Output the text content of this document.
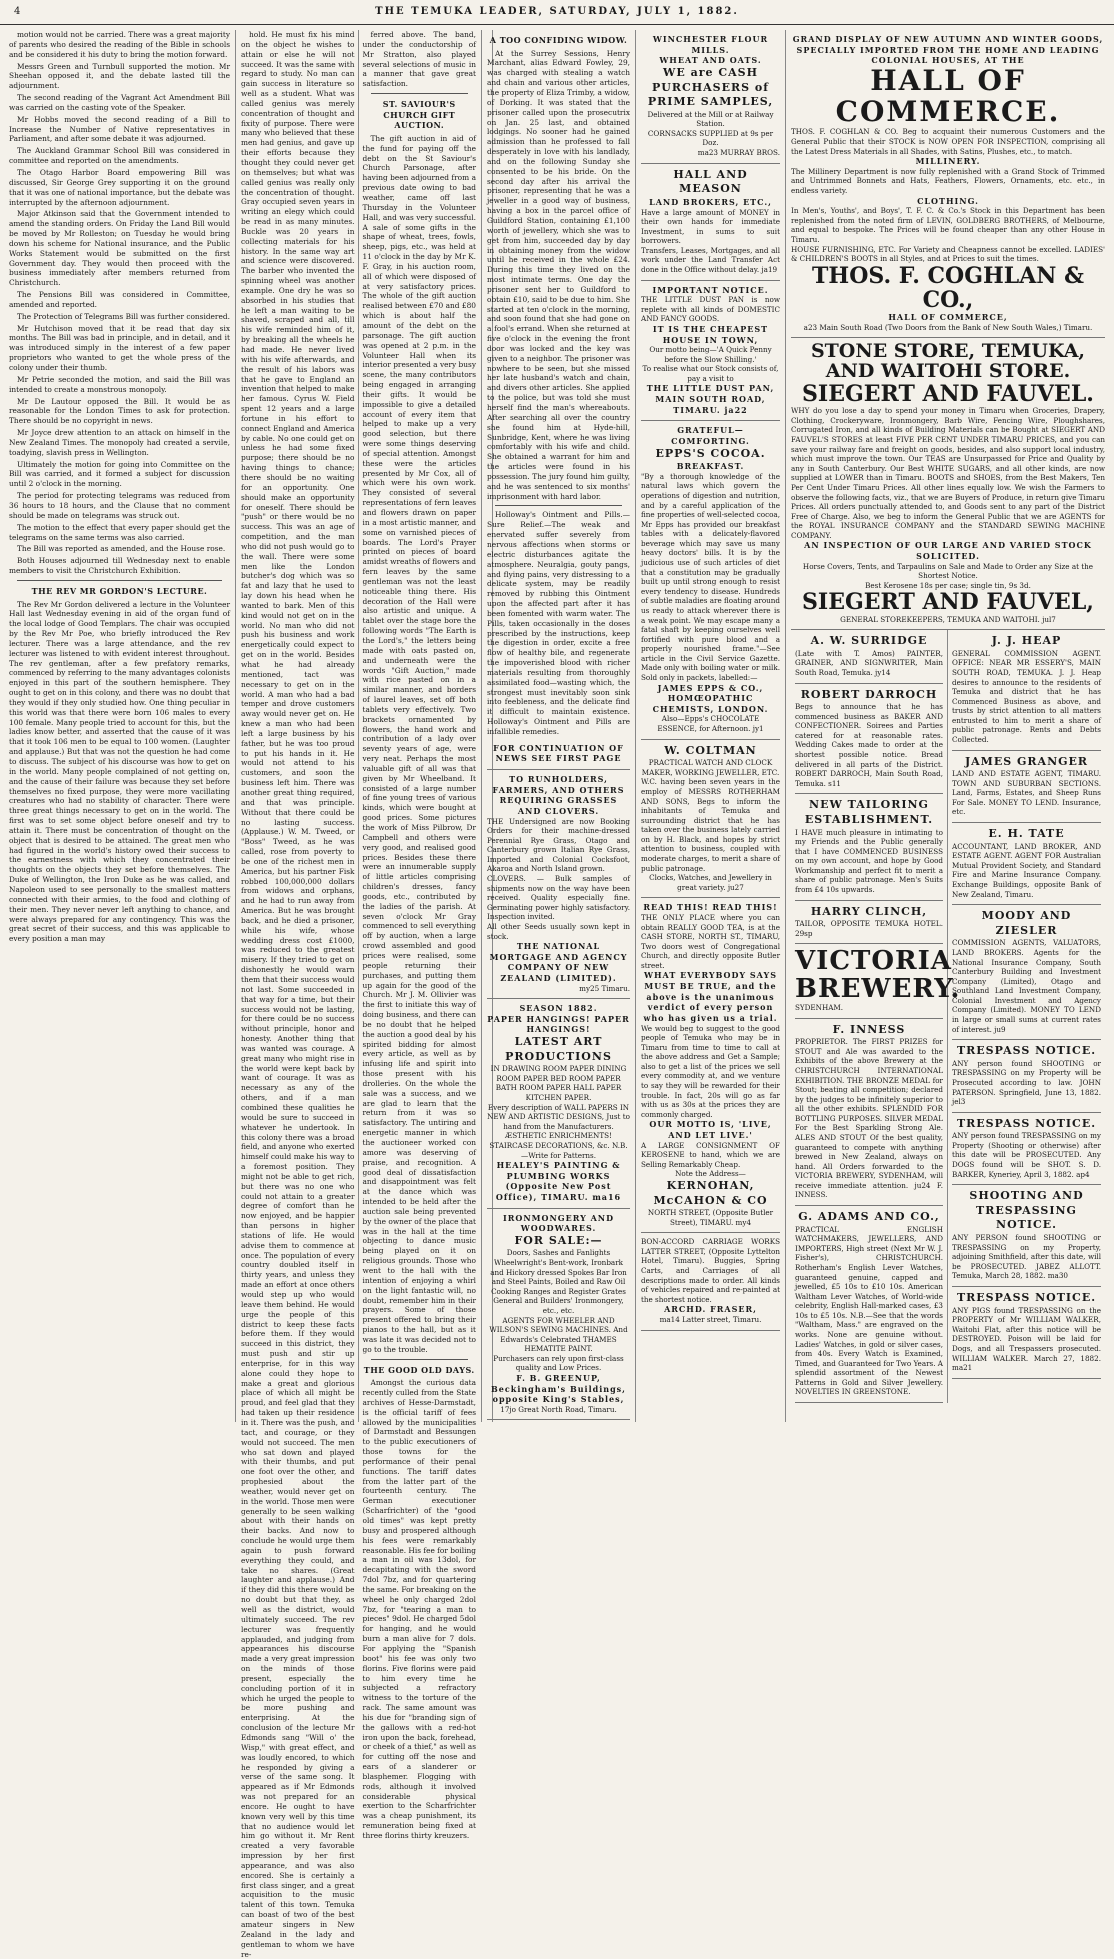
4	THE TEMUKA LEADER, SATURDAY, JULY 1, 1882.

motion would not be carried. There was a great majority of parents who desired the reading of the Bible in schools and be considered it his duty to bring the motion forward.

Messrs Green and Turnbull supported the motion. Mr Sheehan opposed it, and the debate lasted till the adjournment.

The second reading of the Vagrant Act Amendment Bill was carried on the casting vote of the Speaker.

Mr Hobbs moved the second reading of a Bill to Increase the Number of Native representatives in Parliament, and after some debate it was adjourned.

The Auckland Grammar School Bill was considered in committee and reported on the amendments.

The Otago Harbor Board empowering Bill was discussed, Sir George Grey supporting it on the ground that it was one of national importance, but the debate was interrupted by the afternoon adjournment.

Major Atkinson said that the Government intended to amend the standing orders. On Friday the Land Bill would be moved by Mr Rolleston; on Tuesday he would bring down his scheme for National insurance, and the Public Works Statement would be submitted on the first Government day. They would then proceed with the business immediately after members returned from Christchurch.

The Pensions Bill was considered in Committee, amended and reported.

The Protection of Telegrams Bill was further considered.

Mr Hutchison moved that it be read that day six months. The Bill was bad in principle, and in detail, and it was introduced simply in the interest of a few paper proprietors who wanted to get the whole press of the colony under their thumb.

Mr Petrie seconded the motion, and said the Bill was intended to create a monstrous monopoly.

Mr De Lautour opposed the Bill. It would be as reasonable for the London Times to ask for protection. There should be no copyright in news.

Mr Joyce drew attention to an attack on himself in the New Zealand Times. The monopoly had created a servile, toadying, slavish press in Wellington.

Ultimately the motion for going into Committee on the Bill was carried, and it formed a subject for discussion until 2 o'clock in the morning.

The period for protecting telegrams was reduced from 36 hours to 18 hours, and the Clause that no comment should be made on telegrams was struck out.

The motion to the effect that every paper should get the telegrams on the same terms was also carried.

The Bill was reported as amended, and the House rose.

Both Houses adjourned till Wednesday next to enable members to visit the Christchurch Exhibition.

THE REV MR GORDON'S LECTURE.

The Rev Mr Gordon delivered a lecture in the Volunteer Hall last Wednesday evening in aid of the organ fund of the local lodge of Good Templars. The chair was occupied by the Rev Mr Poe, who briefly introduced the Rev lecturer. There was a large attendance, and the rev lecturer was listened to with evident interest throughout. The rev gentleman, after a few prefatory remarks, commenced by referring to the many advantages colonists enjoyed in this part of the southern hemisphere. They ought to get on in this colony, and there was no doubt that they would if they only studied how. One thing peculiar in this world was that there were born 106 males to every 100 female. Many people tried to account for this, but the ladies know better, and asserted that the cause of it was that it took 106 men to be equal to 100 women. (Laughter and applause.) But that was not the question he had come to discuss. The subject of his discourse was how to get on in the world. Many people complained of not getting on, and the cause of their failure was because they set before themselves no fixed purpose, they were more vacillating creatures who had no stability of character. There were three great things necessary to get on in the world. The first was to set some object before oneself and try to attain it. There must be concentration of thought on the object that is desired to be attained. The great men who had figured in the world's history owed their success to the earnestness with which they concentrated their thoughts on the objects they set before themselves. The Duke of Wellington, the Iron Duke as he was called, and Napoleon used to see personally to the smallest matters connected with their armies, to the food and clothing of their men. They never never left anything to chance, and were always prepared for any contingency. This was the great secret of their success, and this was applicable to every position a man may

hold. He must fix his mind on the object he wishes to attain or else he will not succeed. It was the same with regard to study. No man can gain success in literature so well as a student. What was called genius was merely concentration of thought and fixity of purpose. There were many who believed that these men had genius, and gave up their efforts because they thought they could never get on themselves; but what was called genius was really only the concentration of thought. Gray occupied seven years in writing an elegy which could be read in as many minutes. Buckle was 20 years in collecting materials for his history. In the same way art and science were discovered. The barber who invented the spinning wheel was another example. One dry he was so absorbed in his studies that he left a man waiting to be shaved, scraped and all, till his wife reminded him of it, by breaking all the wheels he had made. He never lived with his wife afterwards, and the result of his labors was that he gave to England an invention that helped to make her famous. Cyrus W. Field spent 12 years and a large fortune in his effort to connect England and America by cable. No one could get on unless he had some fixed purpose; there should be no having things to chance; there should be no waiting for an opportunity. One should make an opportunity for oneself. There should be "push" or there would be no success. This was an age of competition, and the man who did not push would go to the wall. There were some men like the London butcher's dog which was so fat and lazy that he used to lay down his head when he wanted to bark. Men of this kind would not get on in the world. No man who did not push his business and work energetically could expect to get on in the world. Besides what he had already mentioned, tact was necessary to get on in the world. A man who had a bad temper and drove customers away would never get on. He knew a man who had been left a large business by his father, but he was too proud to put his hands in it. He would not attend to his customers, and soon the business left him. There was another great thing required, and that was principle. Without that there could be no lasting success. (Applause.) W. M. Tweed, or "Boss" Tweed, as he was called, rose from poverty to be one of the richest men in America, but his partner Fisk robbed 100,000,000 dollars from widows and orphans, and he had to run away from America. But he was brought back, and he died a prisoner, while his wife, whose wedding dress cost £1000, was reduced to the greatest misery. If they tried to get on dishonestly he would warn them that their success would not last. Some succeeded in that way for a time, but their success would not be lasting, for there could be no success without principle, honor and honesty. Another thing that was wanted was courage. A great many who might rise in the world were kept back by want of courage. It was as necessary as any of the others, and if a man combined these qualities he would be sure to succeed in whatever he undertook. In this colony there was a broad field, and anyone who exerted himself could make his way to a foremost position. They might not be able to get rich, but there was no one who could not attain to a greater degree of comfort than he now enjoyed, and be happier than persons in higher stations of life. He would advise them to commence at once. The population of every country doubled itself in thirty years, and unless they made an effort at once others would step up who would leave them behind. He would urge the people of this district to keep these facts before them. If they would succeed in this district, they must push and stir up enterprise, for in this way alone could they hope to make a great and glorious place of which all might be proud, and feel glad that they had taken up their residence in it. There was the push, and tact, and courage, or they would not succeed. The men who sat down and played with their thumbs, and put one foot over the other, and prophesied about the weather, would never get on in the world. Those men were generally to be seen walking about with their hands on their backs. And now to conclude he would urge them again to push forward everything they could, and take no shares. (Great laughter and applause.) And if they did this there would be no doubt but that they, as well as the district, would ultimately succeed. The rev lecturer was frequently applauded, and judging from appearances his discourse made a very great impression on the minds of those present, especially the concluding portion of it in which he urged the people to be more pushing and enterprising. At the conclusion of the lecture Mr Edmonds sang "Will o' the Wisp," with great effect, and was loudly encored, to which he responded by giving a verse of the same song. It appeared as if Mr Edmonds was not prepared for an encore. He ought to have known very well by this time that no audience would let him go without it. Mr Rent created a very favorable impression by her first appearance, and was also encored. She is certainly a first class singer, and a great acquisition to the music talent of this town. Temuka can boast of two of the best amateur singers in New Zealand in the lady and gentleman to whom we have re-

ferred above. The band, under the conductorship of Mr Stratton, also played several selections of music in a manner that gave great satisfaction.

ST. SAVIOUR'S CHURCH GIFT AUCTION.

The gift auction in aid of the fund for paying off the debt on the St Saviour's Church Parsonage, after having been adjourned from a previous date owing to bad weather, came off last Thursday in the Volunteer Hall, and was very successful. A sale of some gifts in the shape of wheat, trees, fowls, sheep, pigs, etc., was held at 11 o'clock in the day by Mr K. F. Gray, in his auction room, all of which were disposed of at very satisfactory prices. The whole of the gift auction realised between £70 and £80 which is about half the amount of the debt on the parsonage. The gift auction was opened at 2 p.m. in the Volunteer Hall when its interior presented a very busy scene, the many contributors being engaged in arranging their gifts. It would be impossible to give a detailed account of every item that helped to make up a very good selection, but there were some things deserving of special attention. Amongst these were the articles presented by Mr Cox, all of which were his own work. They consisted of several representations of fern leaves and flowers drawn on paper in a most artistic manner, and some on varnished pieces of boards. The Lord's Prayer printed on pieces of board amidst wreaths of flowers and fern leaves by the same gentleman was not the least noticeable thing there. His decoration of the Hall were also artistic and unique. A tablet over the stage bore the following words "The Earth is the Lord's," the letters being made with oats pasted on, and underneath were the words "Gift Auction," made with rice pasted on in a similar manner, and borders of laurel leaves, set off both tablets very effectively. Two brackets ornamented by flowers, the hand work and contribution of a lady over seventy years of age, were very neat. Perhaps the most valuable gift of all was that given by Mr Wheelband. It consisted of a large number of fine young trees of various kinds, which were bought at good prices. Some pictures the work of Miss Pilbrow, Dr Campbell and others were very good, and realised good prices. Besides these there were an innumerable supply of little articles comprising children's dresses, fancy goods, etc., contributed by the ladies of the parish. At seven o'clock Mr Gray commenced to sell everything off by auction, when a large crowd assembled and good prices were realised, some people returning their purchases, and putting them up again for the good of the Church. Mr J. M. Ollivier was the first to initiate this way of doing business, and there can be no doubt that he helped the auction a good deal by his spirited bidding for almost every article, as well as by infusing life and spirit into those present with his drolleries. On the whole the sale was a success, and we are glad to learn that the return from it was so satisfactory. The untiring and energetic manner in which the auctioneer worked con amore was deserving of praise, and recognition. A good deal of dissatisfaction and disappointment was felt at the dance which was intended to be held after the auction sale being prevented by the owner of the place that was in the hall at the time objecting to dance music being played on it on religious grounds. Those who went to the hall with the intention of enjoying a whirl on the light fantastic will, no doubt, remember him in their prayers. Some of those present offered to bring their pianos to the hall, but as it was late it was decided not to go to the trouble.

THE GOOD OLD DAYS.

Amongst the curious data recently culled from the State archives of Hesse-Darmstadt, is the official tariff of fees allowed by the municipalities of Darmstadt and Bessungen to the public executioners of those towns for the performance of their penal functions. The tariff dates from the latter part of the fourteenth century. The German executioner (Scharfrichter) of the "good old times" was kept pretty busy and prospered although his fees were remarkably reasonable. His fee for boiling a man in oil was 13dol, for decapitating with the sword 7dol 7bz, and for quartering the same. For breaking on the wheel he only charged 2dol 7bz, for "tearing a man to pieces" 9dol. He charged 5dol for hanging, and he would burn a man alive for 7 dols. For applying the "Spanish boot" his fee was only two florins. Five florins were paid to him every time he subjected a refractory witness to the torture of the rack. The same amount was his due for "branding sign of the gallows with a red-hot iron upon the back, forehead, or cheek of a thief," as well as for cutting off the nose and ears of a slanderer or blasphemer. Flogging with rods, although it involved considerable physical exertion to the Scharfrichter was a cheap punishment, its remuneration being fixed at three florins thirty kreuzers.

A TOO CONFIDING WIDOW.

At the Surrey Sessions, Henry Marchant, alias Edward Fowley, 29, was charged with stealing a watch and chain and various other articles, the property of Eliza Trimby, a widow, of Dorking. It was stated that the prisoner called upon the prosecutrix on Jan. 25 last, and obtained lodgings. No sooner had he gained admission than he professed to fall desperately in love with his landlady, and on the following Sunday she consented to be his bride. On the second day after his arrival the prisoner, representing that he was a jeweller in a good way of business, having a box in the parcel office of Guildford Station, containing £1,100 worth of jewellery, which she was to get from him, succeeded day by day in obtaining money from the widow until he received in the whole £24. During this time they lived on the most intimate terms. One day the prisoner sent her to Guildford to obtain £10, said to be due to him. She started at ten o'clock in the morning, and soon found that she had gone on a fool's errand. When she returned at five o'clock in the evening the front door was locked and the key was given to a neighbor. The prisoner was nowhere to be seen, but she missed her late husband's watch and chain, and divers other articles. She applied to the police, but was told she must herself find the man's whereabouts. After searching all over the country she found him at Hyde-hill, Sunbridge, Kent, where he was living comfortably with his wife and child. She obtained a warrant for him and the articles were found in his possession. The jury found him guilty, and he was sentenced to six months' imprisonment with hard labor.

Holloway's Ointment and Pills.—Sure Relief.—The weak and enervated suffer severely from nervous affections when storms or electric disturbances agitate the atmosphere. Neuralgia, gouty pangs, and flying pains, very distressing to a delicate system, may be readily removed by rubbing this Ointment upon the affected part after it has been fomented with warm water. The Pills, taken occasionally in the doses prescribed by the instructions, keep the digestion in order, excite a free flow of healthy bile, and regenerate the impoverished blood with richer materials resulting from thoroughly assimilated food—wasting which, the strongest must inevitably soon sink into feebleness, and the delicate find it difficult to maintain existence. Holloway's Ointment and Pills are infallible remedies.

FOR CONTINUATION OF NEWS SEE FIRST PAGE
TO RUNHOLDERS, FARMERS, AND OTHERS REQUIRING GRASSES AND CLOVERS.
THE Undersigned are now Booking Orders for their machine-dressed Perennial Rye Grass, Otago and Canterbury grown Italian Rye Grass, Imported and Colonial Cocksfoot, Akaroa and North Island grown.
CLOVERS. — Bulk samples of shipments now on the way have been received. Quality especially fine. Germinating power highly satisfactory. Inspection invited.
All other Seeds usually sown kept in stock.
THE NATIONAL MORTGAGE AND AGENCY COMPANY OF NEW ZEALAND (LIMITED).
my25 Timaru.
SEASON 1882.
PAPER HANGINGS! PAPER HANGINGS!
LATEST ART PRODUCTIONS
IN DRAWING ROOM PAPER DINING ROOM PAPER BED ROOM PAPER BATH ROOM PAPER HALL PAPER KITCHEN PAPER.
Every description of WALL PAPERS IN NEW AND ARTISTIC DESIGNS, Just to hand from the Manufacturers.
ÆSTHETIC ENRICHMENTS! STAIRCASE DECORATIONS, &c. N.B.—Write for Patterns.
HEALEY'S PAINTING & PLUMBING WORKS (Opposite New Post Office), TIMARU. ma16
IRONMONGERY AND WOODWARES.
FOR SALE:—
Doors, Sashes and Fanlights Wheelwright's Bent-work, Ironbark and Hickory dressed Spokes Bar Iron and Steel Paints, Boiled and Raw Oil Cooking Ranges and Register Grates General and Builders' Ironmongery, etc., etc.
AGENTS FOR WHEELER AND WILSON'S SEWING MACHINES. And Edwards's Celebrated THAMES HEMATITE PAINT.
Purchasers can rely upon first-class quality and Low Prices.
F. B. GREENUP, Beckingham's Buildings, opposite King's Stables,
17jo Great North Road, Timaru.
WINCHESTER FLOUR MILLS.
WHEAT AND OATS.
WE are CASH PURCHASERS of PRIME SAMPLES,
Delivered at the Mill or at Railway Station.
CORNSACKS SUPPLIED at 9s per Doz.
ma23 MURRAY BROS.
HALL AND MEASON
LAND BROKERS, ETC.,
Have a large amount of MONEY in their own hands for immediate Investment, in sums to suit borrowers.
Transfers, Leases, Mortgages, and all work under the Land Transfer Act done in the Office without delay. ja19
IMPORTANT NOTICE.
THE LITTLE DUST PAN is now replete with all kinds of DOMESTIC AND FANCY GOODS.
IT IS THE CHEAPEST HOUSE IN TOWN,
Our motto being—'A Quick Penny before the Slow Shilling.'
To realise what our Stock consists of, pay a visit to
THE LITTLE DUST PAN, MAIN SOUTH ROAD, TIMARU. ja22
GRATEFUL—COMFORTING.
EPPS'S COCOA.
BREAKFAST.
"By a thorough knowledge of the natural laws which govern the operations of digestion and nutrition, and by a careful application of the fine properties of well-selected cocoa, Mr Epps has provided our breakfast tables with a delicately-flavored beverage which may save us many heavy doctors' bills. It is by the judicious use of such articles of diet that a constitution may be gradually built up until strong enough to resist every tendency to disease. Hundreds of subtle maladies are floating around us ready to attack wherever there is a weak point. We may escape many a fatal shaft by keeping ourselves well fortified with pure blood and a properly nourished frame."—See article in the Civil Service Gazette. Made only with boiling water or milk. Sold only in packets, labelled:—
JAMES EPPS & CO., HOMŒOPATHIC CHEMISTS, LONDON.
Also—Epps's CHOCOLATE ESSENCE, for Afternoon. jy1
W. COLTMAN
PRACTICAL WATCH AND CLOCK MAKER, WORKING JEWELLER, ETC.
W.C. having been seven years in the employ of MESSRS ROTHERHAM AND SONS, Begs to inform the inhabitants of Temuka and surrounding district that he has taken over the business lately carried on by H. Black, and hopes by strict attention to business, coupled with moderate charges, to merit a share of public patronage.
Clocks, Watches, and Jewellery in great variety. ju27
READ THIS! READ THIS!
THE ONLY PLACE where you can obtain REALLY GOOD TEA, is at the CASH STORE, NORTH ST., TIMARU, Two doors west of Congregational Church, and directly opposite Butler street.
WHAT EVERYBODY SAYS MUST BE TRUE, and the above is the unanimous verdict of every person who has given us a trial.
We would beg to suggest to the good people of Temuka who may be in Timaru from time to time to call at the above address and Get a Sample; also to get a list of the prices we sell every commodity at, and we venture to say they will be rewarded for their trouble. In fact, 20s will go as far with us as 30s at the prices they are commonly charged.
OUR MOTTO IS, 'LIVE, AND LET LIVE.'
A LARGE CONSIGNMENT OF KEROSENE to hand, which we are Selling Remarkably Cheap.
Note the Address—
KERNOHAN, McCAHON & CO
NORTH STREET, (Opposite Butler Street), TIMARU. my4
BON-ACCORD CARRIAGE WORKS LATTER STREET, (Opposite Lyttelton Hotel, Timaru). Buggies, Spring Carts, and Carriages of all descriptions made to order. All kinds of vehicles repaired and re-painted at the shortest notice.
ARCHD. FRASER,
ma14 Latter street, Timaru.
GRAND DISPLAY OF NEW AUTUMN AND WINTER GOODS, SPECIALLY IMPORTED FROM THE HOME AND LEADING COLONIAL HOUSES, AT THE
HALL OF COMMERCE.
THOS. F. COGHLAN & CO. Beg to acquaint their numerous Customers and the General Public that their STOCK is NOW OPEN FOR INSPECTION, comprising all the Latest Dress Materials in all Shades, with Satins, Plushes, etc., to match.
MILLINERY.
The Millinery Department is now fully replenished with a Grand Stock of Trimmed and Untrimmed Bonnets and Hats, Feathers, Flowers, Ornaments, etc. etc., in endless variety.
CLOTHING.
In Men's, Youths', and Boys', T. F. C. & Co.'s Stock in this Department has been replenished from the noted firm of LEVIN, GOLDBERG BROTHERS, of Melbourne, and equal to bespoke. The Prices will be found cheaper than any other House in Timaru.
HOUSE FURNISHING, ETC. For Variety and Cheapness cannot be excelled. LADIES' & CHILDREN'S BOOTS in all Styles, and at Prices to suit the times.
THOS. F. COGHLAN & CO.,
HALL OF COMMERCE,
a23 Main South Road (Two Doors from the Bank of New South Wales,) Timaru.
STONE STORE, TEMUKA, AND WAITOHI STORE.
SIEGERT AND FAUVEL.
WHY do you lose a day to spend your money in Timaru when Groceries, Drapery, Clothing, Crockeryware, Ironmongery, Barb Wire, Fencing Wire, Ploughshares, Corrugated Iron, and all kinds of Building Materials can be Bought at SIEGERT AND FAUVEL'S STORES at least FIVE PER CENT UNDER TIMARU PRICES, and you can save your railway fare and freight on goods, besides, and also support local industry, which must improve the town. Our TEAS are Unsurpassed for Price and Quality by any in South Canterbury. Our Best WHITE SUGARS, and all other kinds, are now supplied at LOWER than in Timaru. BOOTS and SHOES, from the Best Makers, Ten Per Cent Under Timaru Prices. All other lines equally low. We wish the Farmers to observe the following facts, viz., that we are Buyers of Produce, in return give Timaru Prices. All orders punctually attended to, and Goods sent to any part of the District Free of Charge. Also, we beg to inform the General Public that we are AGENTS for the ROYAL INSURANCE COMPANY and the STANDARD SEWING MACHINE COMPANY.
AN INSPECTION OF OUR LARGE AND VARIED STOCK SOLICITED.
Horse Covers, Tents, and Tarpaulins on Sale and Made to Order any Size at the Shortest Notice.
Best Kerosene 18s per case; single tin, 9s 3d.
SIEGERT AND FAUVEL,
GENERAL STOREKEEPERS, TEMUKA AND WAITOHI. jul7
A. W. SURRIDGE
(Late with T. Amos) PAINTER, GRAINER, AND SIGNWRITER, Main South Road, Temuka. jy14
ROBERT DARROCH
Begs to announce that he has commenced business as BAKER AND CONFECTIONER. Soirees and Parties catered for at reasonable rates. Wedding Cakes made to order at the shortest possible notice. Bread delivered in all parts of the District. ROBERT DARROCH, Main South Road, Temuka. s11
NEW TAILORING ESTABLISHMENT.
I HAVE much pleasure in intimating to my Friends and the Public generally that I have COMMENCED BUSINESS on my own account, and hope by Good Workmanship and perfect fit to merit a share of public patronage. Men's Suits from £4 10s upwards.
HARRY CLINCH,
TAILOR, OPPOSITE TEMUKA HOTEL. 29sp
VICTORIA BREWERY.
SYDENHAM.
F. INNESS
PROPRIETOR. The FIRST PRIZES for STOUT and Ale was awarded to the Exhibits of the above Brewery at the CHRISTCHURCH INTERNATIONAL EXHIBITION. THE BRONZE MEDAL for Stout; beating all competition; declared by the judges to be infinitely superior to all the other exhibits. SPLENDID FOR BOTTLING PURPOSES. SILVER MEDAL For the Best Sparkling Strong Ale. ALES AND STOUT Of the best quality, guaranteed to compete with anything brewed in New Zealand, always on hand. All Orders forwarded to the VICTORIA BREWERY, SYDENHAM, will receive immediate attention. ju24 F. INNESS.
G. ADAMS AND CO.,
PRACTICAL ENGLISH WATCHMAKERS, JEWELLERS, AND IMPORTERS, High street (Next Mr W. J. Fisher's), CHRISTCHURCH. Rotherham's English Lever Watches, guaranteed genuine, capped and jewelled, £5 10s to £10 10s. American Waltham Lever Watches, of World-wide celebrity, English Hall-marked cases, £3 10s to £5 10s. N.B.—See that the words "Waltham, Mass." are engraved on the works. None are genuine without. Ladies' Watches, in gold or silver cases, from 40s. Every Watch is Examined, Timed, and Guaranteed for Two Years. A splendid assortment of the Newest Patterns in Gold and Silver Jewellery. NOVELTIES IN GREENSTONE.
J. J. HEAP
GENERAL COMMISSION AGENT. OFFICE: NEAR MR ESSERY'S, MAIN SOUTH ROAD, TEMUKA. J. J. Heap desires to announce to the residents of Temuka and district that he has Commenced Business as above, and trusts by strict attention to all matters entrusted to him to merit a share of public patronage. Rents and Debts Collected.
JAMES GRANGER
LAND AND ESTATE AGENT, TIMARU. TOWN AND SUBURBAN SECTIONS. Land, Farms, Estates, and Sheep Runs For Sale. MONEY TO LEND. Insurance, etc.
E. H. TATE
ACCOUNTANT, LAND BROKER, AND ESTATE AGENT. AGENT FOR Australian Mutual Provident Society, and Standard Fire and Marine Insurance Company. Exchange Buildings, opposite Bank of New Zealand, Timaru.
MOODY AND ZIESLER
COMMISSION AGENTS, VALUATORS, LAND BROKERS. Agents for the National Insurance Company, South Canterbury Building and Investment Company (Limited), Otago and Southland Land Investment Company, Colonial Investment and Agency Company (Limited). MONEY TO LEND in large or small sums at current rates of interest. ju9
TRESPASS NOTICE.
ANY person found SHOOTING or TRESPASSING on my Property will be Prosecuted according to law. JOHN PATERSON. Springfield, June 13, 1882. jel3
TRESPASS NOTICE.
ANY person found TRESPASSING on my Property (Shooting or otherwise) after this date will be PROSECUTED. Any DOGS found will be SHOT. S. D. BARKER, Kyneriey, April 3, 1882. ap4
SHOOTING AND TRESPASSING NOTICE.
ANY PERSON found SHOOTING or TRESPASSING on my Property, adjoining Smithfield, after this date, will be PROSECUTED. JABEZ ALLOTT. Temuka, March 28, 1882. ma30
TRESPASS NOTICE.
ANY PIGS found TRESPASSING on the PROPERTY of Mr WILLIAM WALKER, Waitohi Flat, after this notice will be DESTROYED. Poison will be laid for Dogs, and all Trespassers prosecuted. WILLIAM WALKER. March 27, 1882. ma21
